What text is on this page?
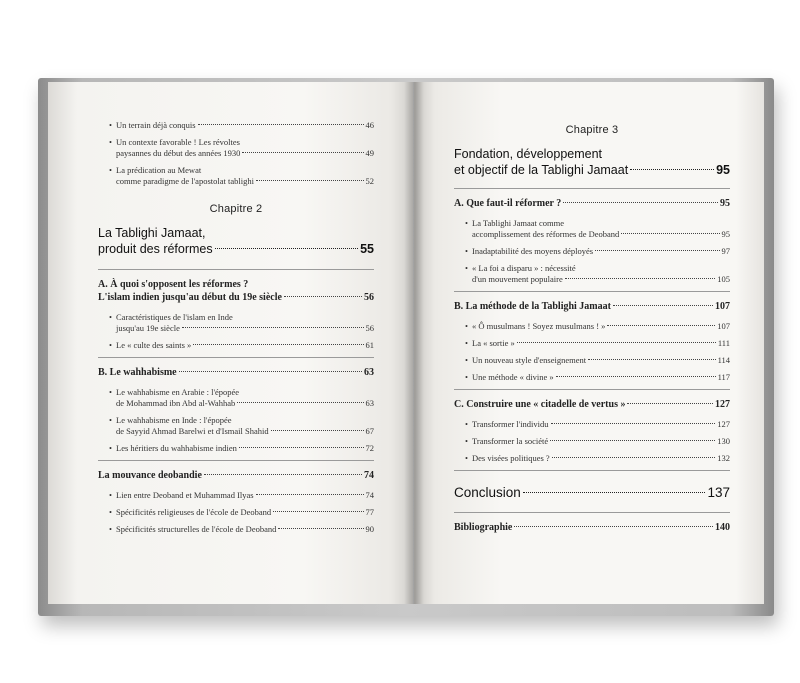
• Un terrain déjà conquis	46
• Un contexte favorable ! Les révoltes
paysannes du début des années 1930	49
• La prédication au Mewat
comme paradigme de l'apostolat tablighi	52
Chapitre 2
La Tablighi Jamaat,
produit des réformes	55
A. À quoi s'opposent les réformes ?
L'islam indien jusqu'au début du 19e siècle	56
• Caractéristiques de l'islam en Inde
jusqu'au 19e siècle	56
• Le « culte des saints »	61
B. Le wahhabisme	63
• Le wahhabisme en Arabie : l'épopée
de Mohammad ibn Abd al-Wahhab	63
• Le wahhabisme en Inde : l'épopée
de Sayyid Ahmad Barelwi et d'Ismail Shahid	67
• Les héritiers du wahhabisme indien	72
La mouvance deobandie	74
• Lien entre Deoband et Muhammad Ilyas	74
• Spécificités religieuses de l'école de Deoband	77
• Spécificités structurelles de l'école de Deoband	90
Chapitre 3
Fondation, développement
et objectif de la Tablighi Jamaat	95
A. Que faut-il réformer ?	95
• La Tablighi Jamaat comme
accomplissement des réformes de Deoband	95
• Inadaptabilité des moyens déployés	97
• « La foi a disparu » : nécessité
d'un mouvement populaire	105
B. La méthode de la Tablighi Jamaat	107
• « Ô musulmans ! Soyez musulmans ! »	107
• La « sortie »	111
• Un nouveau style d'enseignement	114
• Une méthode « divine »	117
C. Construire une « citadelle de vertus »	127
• Transformer l'individu	127
• Transformer la société	130
• Des visées politiques ?	132
Conclusion	137
Bibliographie	140
